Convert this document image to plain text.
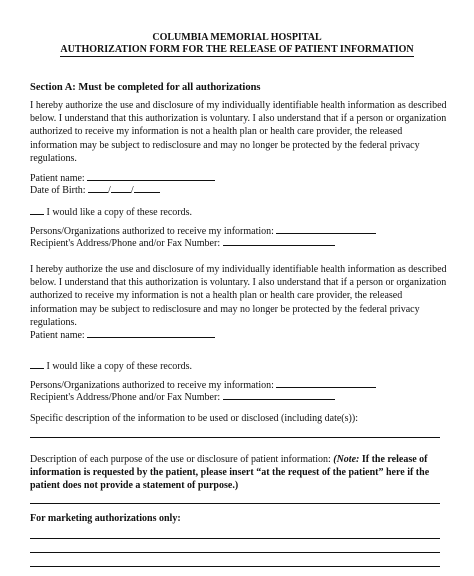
COLUMBIA MEMORIAL HOSPITAL
AUTHORIZATION FORM FOR THE RELEASE OF PATIENT INFORMATION
Section A: Must be completed for all authorizations

I hereby authorize the use and disclosure of my individually identifiable health information as described below. I understand that this authorization is voluntary. I also understand that if a person or organization authorized to receive my information is not a health plan or health care provider, the released information may be subject to redisclosure and may no longer be protected by the federal privacy regulations.

Patient name:
Date of Birth: / /
I would like a copy of these records.
Persons/Organizations authorized to receive my information:
Recipient's Address/Phone and/or Fax Number:

I hereby authorize the use and disclosure of my individually identifiable health information as described below. I understand that this authorization is voluntary. I also understand that if a person or organization authorized to receive my information is not a health plan or health care provider, the released information may be subject to redisclosure and may no longer be protected by the federal privacy regulations.

Patient name:
I would like a copy of these records.
Persons/Organizations authorized to receive my information:
Recipient's Address/Phone and/or Fax Number:
Specific description of the information to be used or disclosed (including date(s)):

Description of each purpose of the use or disclosure of patient information: (Note: If the release of information is requested by the patient, please insert “at the request of the patient” here if the patient does not provide a statement of purpose.)

For marketing authorizations only:
